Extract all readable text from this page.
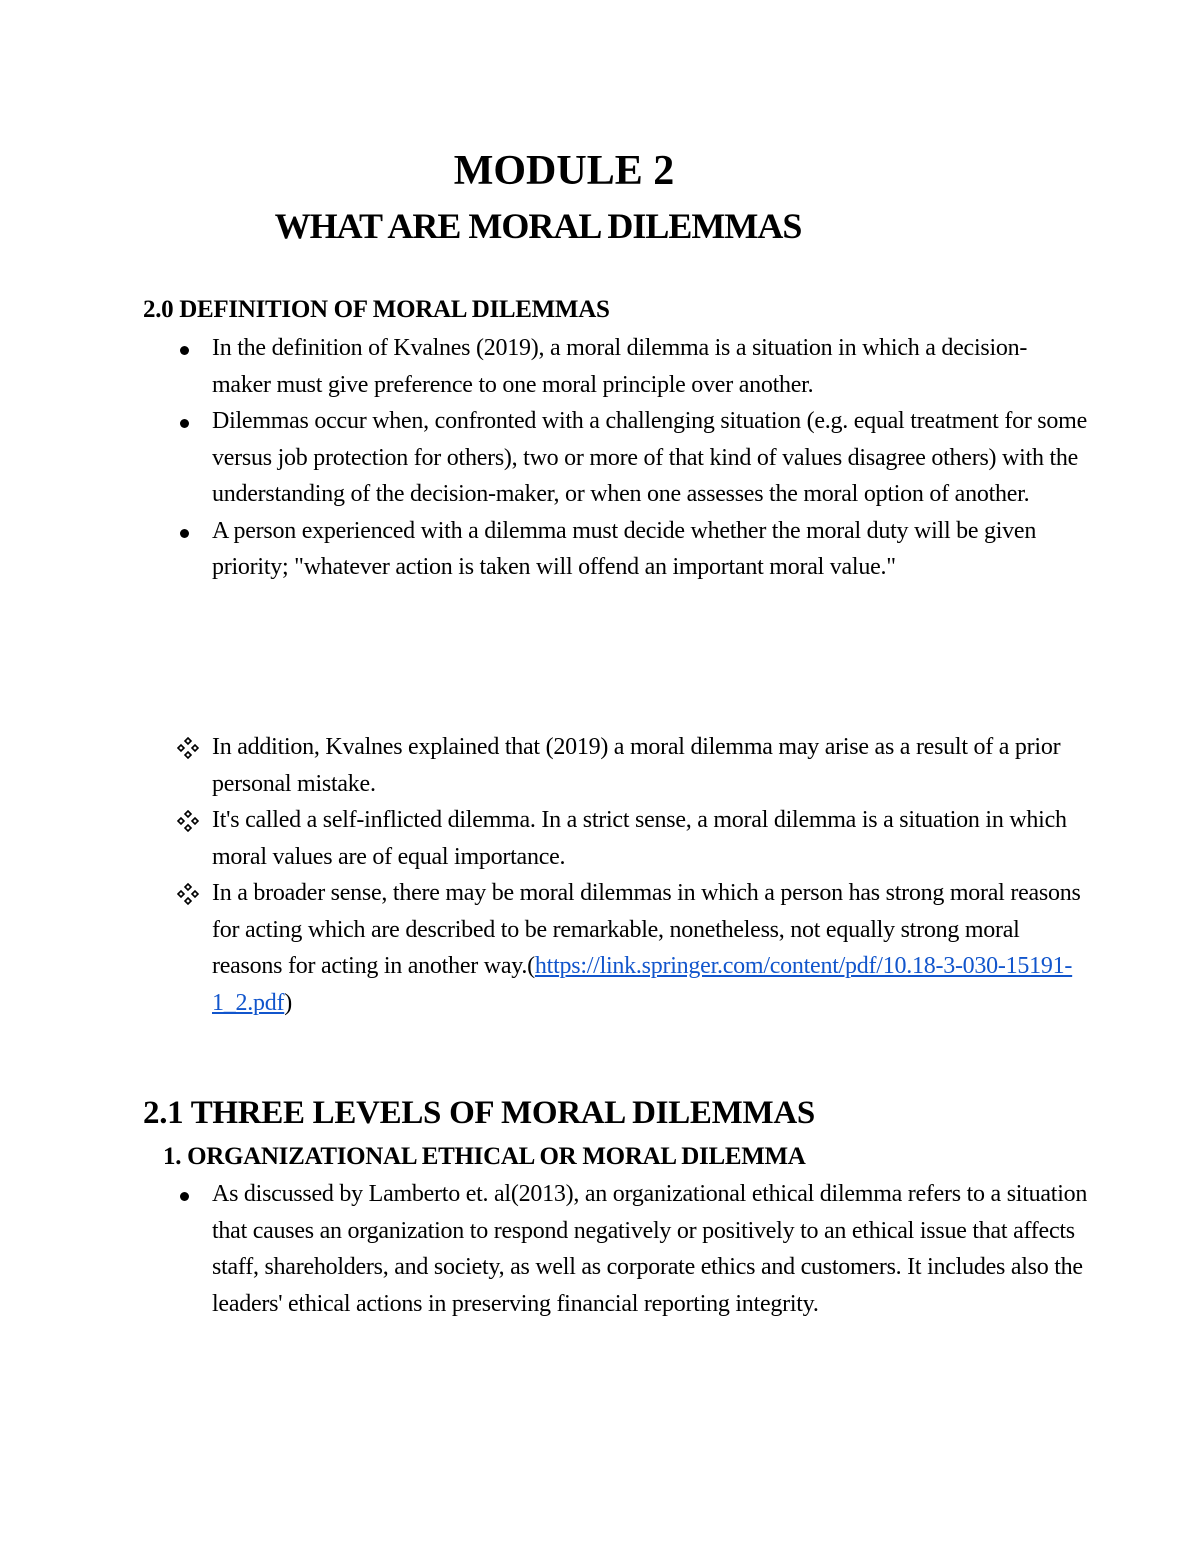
MODULE 2
WHAT ARE MORAL DILEMMAS
2.0 DEFINITION OF MORAL DILEMMAS
In the definition of Kvalnes (2019), a moral dilemma is a situation in which a decision- maker must give preference to one moral principle over another.
Dilemmas occur when, confronted with a challenging situation (e.g. equal treatment for some versus job protection for others), two or more of that kind of values disagree others) with the understanding of the decision-maker, or when one assesses the moral option of another.
A person experienced with a dilemma must decide whether the moral duty will be given priority; "whatever action is taken will offend an important moral value."
In addition, Kvalnes explained that (2019) a moral dilemma may arise as a result of a prior personal mistake.
It's called a self-inflicted dilemma. In a strict sense, a moral dilemma is a situation in which moral values are of equal importance.
In a broader sense, there may be moral dilemmas in which a person has strong moral reasons for acting which are described to be remarkable, nonetheless, not equally strong moral reasons for acting in another way.(https://link.springer.com/content/pdf/10.18-3-030-15191-1_2.pdf)
2.1 THREE LEVELS OF MORAL DILEMMAS
1. ORGANIZATIONAL ETHICAL OR MORAL DILEMMA
As discussed by Lamberto et. al(2013), an organizational ethical dilemma refers to a situation that causes an organization to respond negatively or positively to an ethical issue that affects staff, shareholders, and society, as well as corporate ethics and customers. It includes also the leaders' ethical actions in preserving financial reporting integrity.
